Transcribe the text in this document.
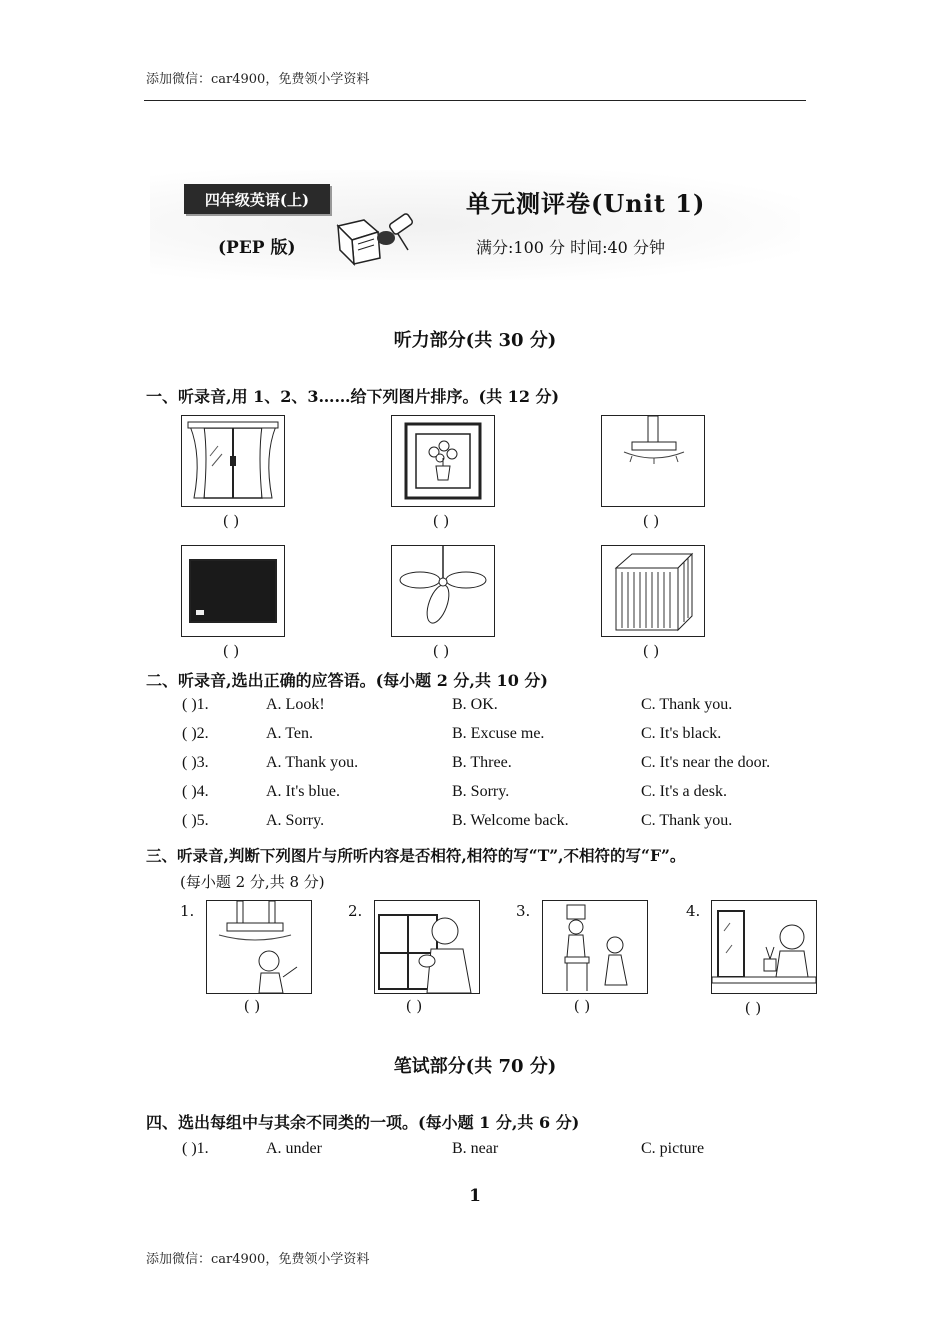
添加微信：car4900，免费领小学资料
四年级英语(上)
(PEP 版)
单元测评卷(Unit 1)
满分:100 分 时间:40 分钟
听力部分(共 30 分)
一、听录音,用 1、2、3……给下列图片排序。(共 12 分)
( )	( )	( )
( )	( )	( )
二、听录音,选出正确的应答语。(每小题 2 分,共 10 分)
( )1.	A. Look!	B. OK.	C. Thank you.
( )2.	A. Ten.	B. Excuse me.	C. It's black.
( )3.	A. Thank you.	B. Three.	C. It's near the door.
( )4.	A. It's blue.	B. Sorry.	C. It's a desk.
( )5.	A. Sorry.	B. Welcome back.	C. Thank you.
三、听录音,判断下列图片与所听内容是否相符,相符的写“T”,不相符的写“F”。
(每小题 2 分,共 8 分)
1.
( )
2.
( )
3.
( )
4.
( )
笔试部分(共 70 分)
四、选出每组中与其余不同类的一项。(每小题 1 分,共 6 分)
( )1.	A. under	B. near	C. picture
1
添加微信：car4900，免费领小学资料
